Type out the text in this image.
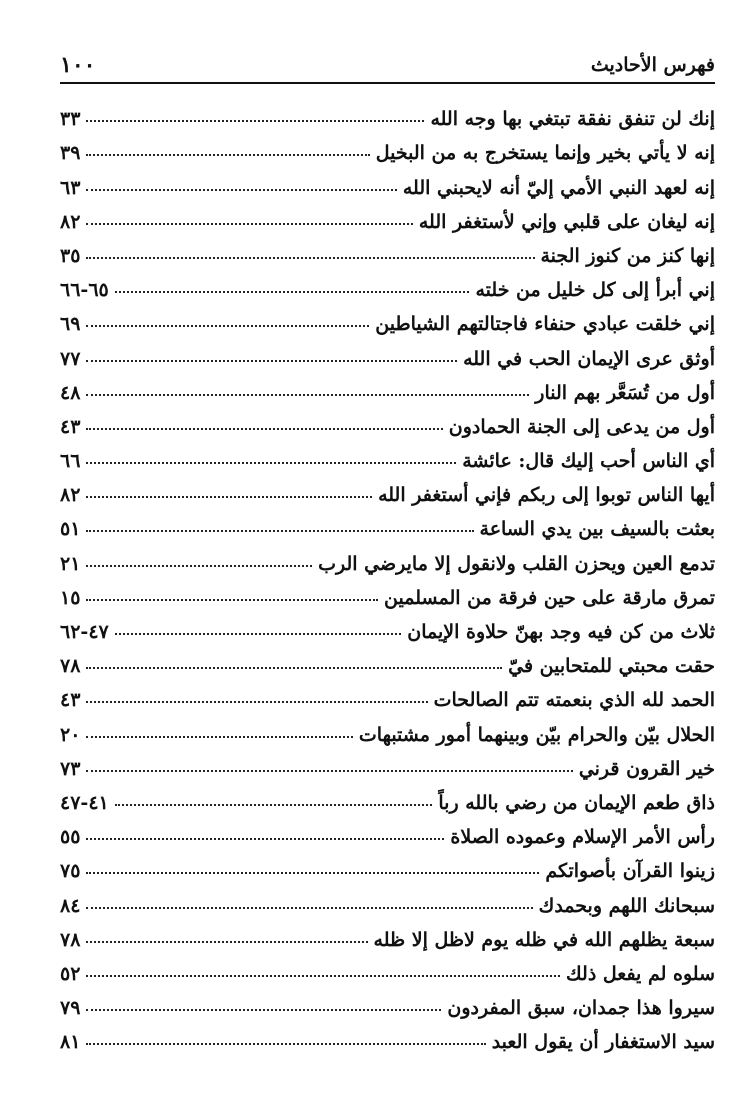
فهرس الأحاديث
١٠٠
إنك لن تنفق نفقة تبتغي بها وجه الله
٣٣
إنه لا يأتي بخير وإنما يستخرج به من البخيل
٣٩
إنه لعهد النبي الأمي إليّ أنه لايحبني الله
٦٣
إنه ليغان على قلبي وإني لأستغفر الله
٨٢
إنها كنز من كنوز الجنة
٣٥
إني أبرأ إلى كل خليل من خلته
٦٥-٦٦
إني خلقت عبادي حنفاء فاجتالتهم الشياطين
٦٩
أوثق عرى الإيمان الحب في الله
٧٧
أول من تُسَعَّر بهم النار
٤٨
أول من يدعى إلى الجنة الحمادون
٤٣
أي الناس أحب إليك قال: عائشة
٦٦
أيها الناس توبوا إلى ربكم فإني أستغفر الله
٨٢
بعثت بالسيف بين يدي الساعة
٥١
تدمع العين ويحزن القلب ولانقول إلا مايرضي الرب
٢١
تمرق مارقة على حين فرقة من المسلمين
١٥
ثلاث من كن فيه وجد بهنّ حلاوة الإيمان
٤٧-٦٢
حقت محبتي للمتحابين فيّ
٧٨
الحمد لله الذي بنعمته تتم الصالحات
٤٣
الحلال بيّن والحرام بيّن وبينهما أمور مشتبهات
٢٠
خير القرون قرني
٧٣
ذاق طعم الإيمان من رضي بالله رباً
٤١-٤٧
رأس الأمر الإسلام وعموده الصلاة
٥٥
زينوا القرآن بأصواتكم
٧٥
سبحانك اللهم وبحمدك
٨٤
سبعة يظلهم الله في ظله يوم لاظل إلا ظله
٧٨
سلوه لم يفعل ذلك
٥٢
سيروا هذا جمدان، سبق المفردون
٧٩
سيد الاستغفار أن يقول العبد
٨١
